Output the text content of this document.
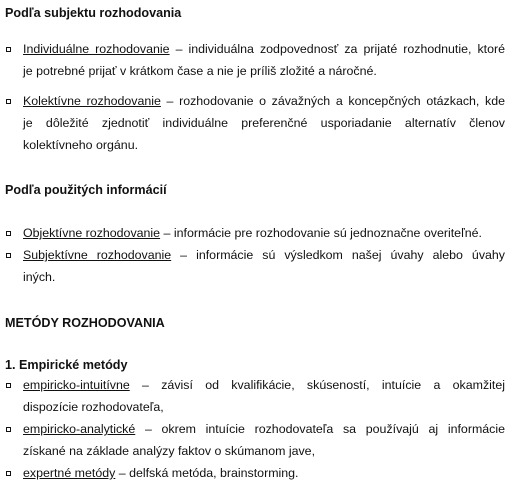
Podľa subjektu rozhodovania
Individuálne rozhodovanie – individuálna zodpovednosť za prijaté rozhodnutie, ktoré
je potrebné prijať v krátkom čase a nie je príliš zložité a náročné.
Kolektívne rozhodovanie – rozhodovanie o závažných a koncepčných otázkach, kde
je dôležité zjednotiť individuálne preferenčné usporiadanie alternatív členov
kolektívneho orgánu.
Podľa použitých informácií
Objektívne rozhodovanie – informácie pre rozhodovanie sú jednoznačne overiteľné.
Subjektívne rozhodovanie – informácie sú výsledkom našej úvahy alebo úvahy
iných.
METÓDY ROZHODOVANIA
1. Empirické metódy
empiricko-intuitívne – závisí od kvalifikácie, skúseností, intuície a okamžitej
dispozície rozhodovateľa,
empiricko-analytické – okrem intuície rozhodovateľa sa používajú aj informácie
získané na základe analýzy faktov o skúmanom jave,
expertné metódy – delfská metóda, brainstorming.
